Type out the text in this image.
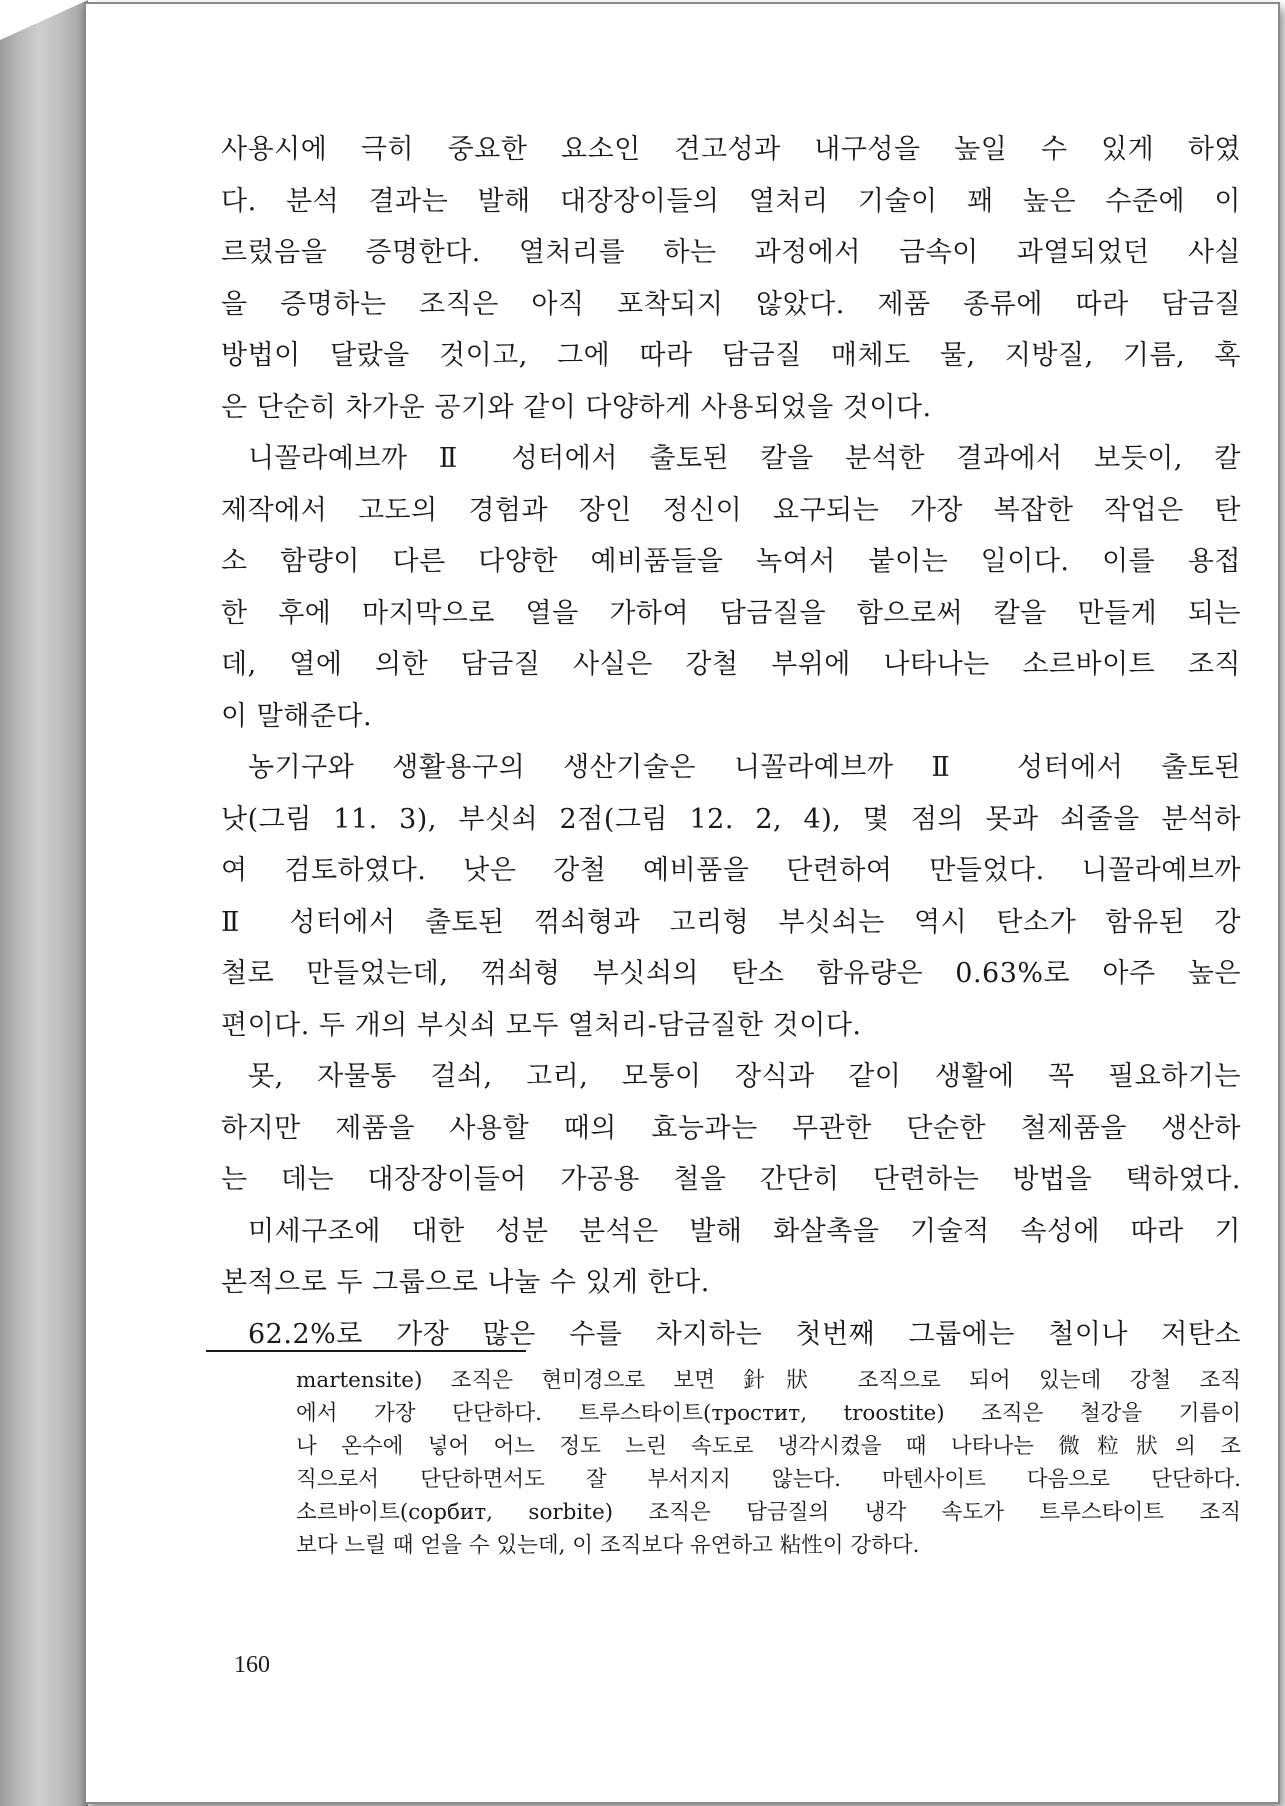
사용시에 극히 중요한 요소인 견고성과 내구성을 높일 수 있게 하였
다. 분석 결과는 발해 대장장이들의 열처리 기술이 꽤 높은 수준에 이
르렀음을 증명한다. 열처리를 하는 과정에서 금속이 과열되었던 사실
을 증명하는 조직은 아직 포착되지 않았다. 제품 종류에 따라 담금질
방법이 달랐을 것이고, 그에 따라 담금질 매체도 물, 지방질, 기름, 혹
은 단순히 차가운 공기와 같이 다양하게 사용되었을 것이다.
니꼴라예브까 Ⅱ 성터에서 출토된 칼을 분석한 결과에서 보듯이, 칼
제작에서 고도의 경험과 장인 정신이 요구되는 가장 복잡한 작업은 탄
소 함량이 다른 다양한 예비품들을 녹여서 붙이는 일이다. 이를 용접
한 후에 마지막으로 열을 가하여 담금질을 함으로써 칼을 만들게 되는
데, 열에 의한 담금질 사실은 강철 부위에 나타나는 소르바이트 조직
이 말해준다.
농기구와 생활용구의 생산기술은 니꼴라예브까 Ⅱ 성터에서 출토된
낫(그림 11. 3), 부싯쇠 2점(그림 12. 2, 4), 몇 점의 못과 쇠줄을 분석하
여 검토하였다. 낫은 강철 예비품을 단련하여 만들었다. 니꼴라예브까
Ⅱ 성터에서 출토된 꺾쇠형과 고리형 부싯쇠는 역시 탄소가 함유된 강
철로 만들었는데, 꺾쇠형 부싯쇠의 탄소 함유량은 0.63%로 아주 높은
편이다. 두 개의 부싯쇠 모두 열처리-담금질한 것이다.
못, 자물통 걸쇠, 고리, 모퉁이 장식과 같이 생활에 꼭 필요하기는
하지만 제품을 사용할 때의 효능과는 무관한 단순한 철제품을 생산하
는 데는 대장장이들어 가공용 철을 간단히 단련하는 방법을 택하였다.
미세구조에 대한 성분 분석은 발해 화살촉을 기술적 속성에 따라 기
본적으로 두 그룹으로 나눌 수 있게 한다.
62.2%로 가장 많은 수를 차지하는 첫번째 그룹에는 철이나 저탄소
martensite) 조직은 현미경으로 보면 針狀 조직으로 되어 있는데 강철 조직
에서 가장 단단하다. 트루스타이트(тростит, troostite) 조직은 철강을 기름이
나 온수에 넣어 어느 정도 느린 속도로 냉각시켰을 때 나타나는 微粒狀의 조
직으로서 단단하면서도 잘 부서지지 않는다. 마텐사이트 다음으로 단단하다.
소르바이트(сорбит, sorbite) 조직은 담금질의 냉각 속도가 트루스타이트 조직
보다 느릴 때 얻을 수 있는데, 이 조직보다 유연하고 粘性이 강하다.
160
